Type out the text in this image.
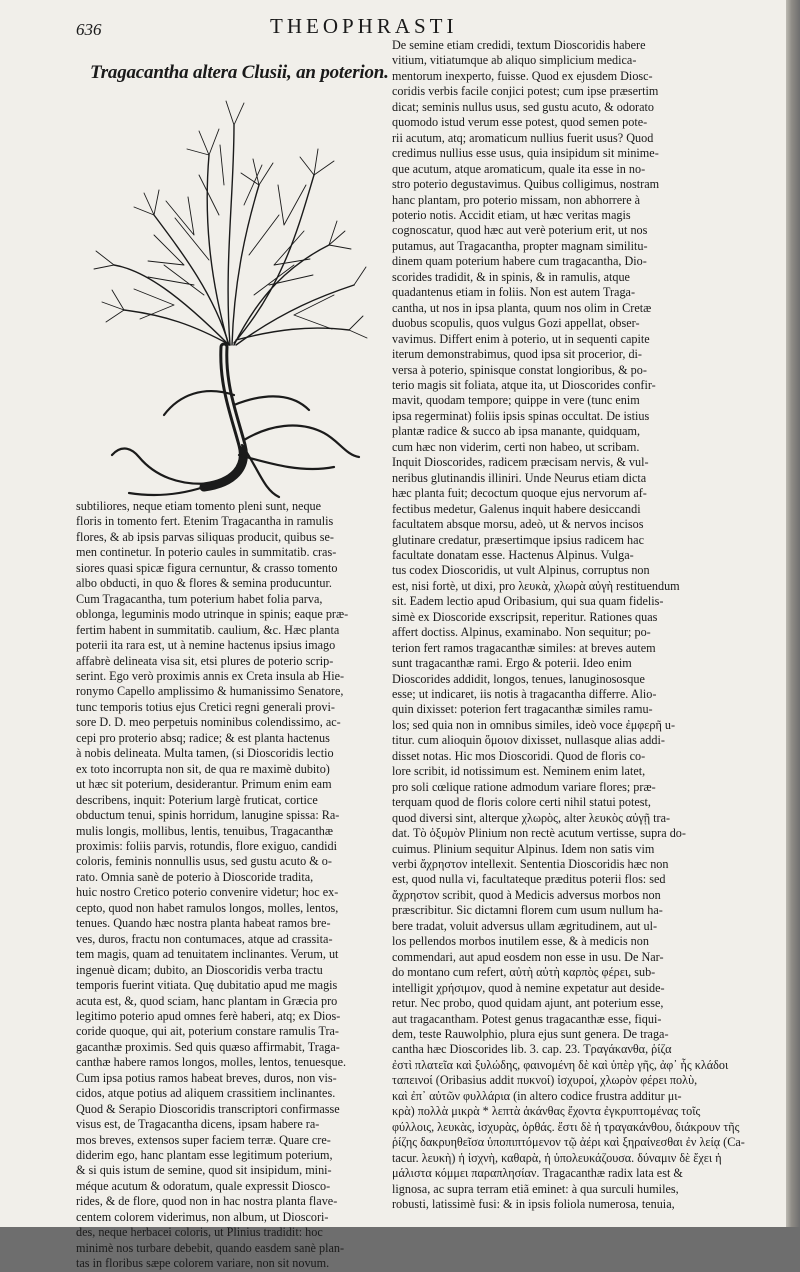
636	THEOPHRASTI
Tragacantha altera Clusii, an poterion.
De semine etiam credidi, textum Dioscoridis habere
vitium, vitiatumque ab aliquo simplicium medica-
mentorum inexperto, fuisse. Quod ex ejusdem Diosc-
coridis verbis facile conjici potest; cum ipse præsertim
dicat; seminis nullus usus, sed gustu acuto, & odorato
quomodo istud verum esse potest, quod semen pote-
rii acutum, atq; aromaticum nullius fuerit usus? Quod
credimus nullius esse usus, quia insipidum sit minime-
que acutum, atque aromaticum, quale ita esse in no-
stro poterio degustavimus. Quibus colligimus, nostram
hanc plantam, pro poterio missam, non abhorrere à
poterio notis. Accidit etiam, ut hæc veritas magis
cognoscatur, quod hæc aut verè poterium erit, ut nos
putamus, aut Tragacantha, propter magnam similitu-
dinem quam poterium habere cum tragacantha, Dio-
scorides tradidit, & in spinis, & in ramulis, atque
quadantenus etiam in foliis. Non est autem Traga-
cantha, ut nos in ipsa planta, quum nos olim in Cretæ
duobus scopulis, quos vulgus Gozi appellat, obser-
vavimus. Differt enim à poterio, ut in sequenti capite
iterum demonstrabimus, quod ipsa sit procerior, di-
versa à poterio, spinisque constat longioribus, & po-
terio magis sit foliata, atque ita, ut Dioscorides confir-
mavit, quodam tempore; quippe in vere (tunc enim
ipsa regerminat) foliis ipsis spinas occultat. De istius
plantæ radice & succo ab ipsa manante, quidquam,
cum hæc non viderim, certi non habeo, ut scribam.
Inquit Dioscorides, radicem præcisam nervis, & vul-
neribus glutinandis illiniri. Unde Neurus etiam dicta
hæc planta fuit; decoctum quoque ejus nervorum af-
fectibus medetur, Galenus inquit habere desiccandi
facultatem absque morsu, adeò, ut & nervos incisos
glutinare credatur, præsertimque ipsius radicem hac
facultate donatam esse. Hactenus Alpinus. Vulga-
tus codex Dioscoridis, ut vult Alpinus, corruptus non
est, nisi fortè, ut dixi, pro λευκὰ, χλωρὰ αὐγὴ restituendum
sit. Eadem lectio apud Oribasium, qui sua quam fidelis-
simè ex Dioscoride exscripsit, reperitur. Rationes quas
affert doctiss. Alpinus, examinabo. Non sequitur; po-
terion fert ramos tragacanthæ similes: at breves autem
sunt tragacanthæ rami. Ergo & poterii. Ideo enim
Dioscorides addidit, longos, tenues, lanuginososque
esse; ut indicaret, iis notis à tragacantha differre. Alio-
quin dixisset: poterion fert tragacanthæ similes ramu-
los; sed quia non in omnibus similes, ideò voce ἐμφερῆ u-
titur. cum alioquin ὅμοιον dixisset, nullasque alias addi-
disset notas. Hic mos Dioscoridi. Quod de floris co-
lore scribit, id notissimum est. Neminem enim latet,
pro soli cœlique ratione admodum variare flores; præ-
terquam quod de floris colore certi nihil statui potest,
quod diversi sint, alterque χλωρὸς, alter λευκὸς αὐγῇ tra-
dat. Τὸ ὀξυμὸν Plinium non rectè acutum vertisse, supra do-
cuimus. Plinium sequitur Alpinus. Idem non satis vim
verbi ἄχρηστον intellexit. Sententia Dioscoridis hæc non
est, quod nulla vi, facultateque præditus poterii flos: sed
ἄχρηστον scribit, quod à Medicis adversus morbos non
præscribitur. Sic dictamni florem cum usum nullum ha-
bere tradat, voluit adversus ullam ægritudinem, aut ul-
los pellendos morbos inutilem esse, & à medicis non
commendari, aut apud eosdem non esse in usu. De Nar-
do montano cum refert, αὐτὴ αὐτὴ καρπὸς φέρει, sub-
intelligit χρήσιμον, quod à nemine expetatur aut deside-
retur. Nec probo, quod quidam ajunt, ant poterium esse,
aut tragacantham. Potest genus tragacanthæ esse, fiqui-
dem, teste Rauwolphio, plura ejus sunt genera. De traga-
cantha hæc Dioscorides lib. 3. cap. 23. Τραγάκανθα, ῥίζα
ἐστὶ πλατεῖα καὶ ξυλώδης, φαινομένη δὲ καὶ ὑπὲρ γῆς, ἀφ᾽ ἧς κλάδοι
ταπεινοί (Oribasius addit πυκνοί) ἰσχυροί, χλωρὸν φέρει πολὺ,
καὶ ἐπ᾽ αὐτῶν φυλλάρια (in altero codice frustra additur μι-
κρὰ) πολλὰ μικρὰ * λεπτὰ ἀκάνθας ἔχοντα ἐγκρυπτομένας τοῖς
φύλλοις, λευκὰς, ἰσχυρὰς, ὀρθάς. ἔστι δὲ ἡ τραγακάνθου, διάκρουν τῆς
ῥίζης δακρυηθεῖσα ὑποπιπτόμενον τῷ ἀέρι καὶ ξηραίνεσθαι ἐν λείᾳ (Ca-
tacur. λευκὴ) ἡ ἰσχνὴ, καθαρὰ, ἡ ὑπολευκάζουσα. δύναμιν δὲ ἔχει ἡ
μάλιστα κόμμει παραπλησίαν. Tragacanthæ radix lata est &
lignosa, ac supra terram etiã eminet: à qua surculi humiles,
robusti, latissimè fusi: & in ipsis foliola numerosa, tenuia,
subtiliores, neque etiam tomento pleni sunt, neque
floris in tomento fert. Etenim Tragacantha in ramulis
flores, & ab ipsis parvas siliquas producit, quibus se-
men continetur. In poterio caules in summitatib. cras-
siores quasi spicæ figura cernuntur, & crasso tomento
albo obducti, in quo & flores & semina producuntur.
Cum Tragacantha, tum poterium habet folia parva,
oblonga, leguminis modo utrinque in spinis; eaque præ-
fertim habent in summitatib. caulium, &c. Hæc planta
poterii ita rara est, ut à nemine hactenus ipsius imago
affabrè delineata visa sit, etsi plures de poterio scrip-
serint. Ego verò proximis annis ex Creta insula ab Hie-
ronymo Capello amplissimo & humanissimo Senatore,
tunc temporis totius ejus Cretici regni generali provi-
sore D. D. meo perpetuis nominibus colendissimo, ac-
cepi pro proterio absq; radice; & est planta hactenus
à nobis delineata. Multa tamen, (si Dioscoridis lectio
ex toto incorrupta non sit, de qua re maximè dubito)
ut hæc sit poterium, desiderantur. Primum enim eam
describens, inquit: Poterium largè fruticat, cortice
obductum tenui, spinis horridum, lanugine spissa: Ra-
mulis longis, mollibus, lentis, tenuibus, Tragacanthæ
proximis: foliis parvis, rotundis, flore exiguo, candidi
coloris, feminis nonnullis usus, sed gustu acuto & o-
rato. Omnia sanè de poterio à Dioscoride tradita,
huic nostro Cretico poterio convenire videtur; hoc ex-
cepto, quod non habet ramulos longos, molles, lentos,
tenues. Quando hæc nostra planta habeat ramos bre-
ves, duros, fractu non contumaces, atque ad crassita-
tem magis, quam ad tenuitatem inclinantes. Verum, ut
ingenuè dicam; dubito, an Dioscoridis verba tractu
temporis fuerint vitiata. Quę dubitatio apud me magis
acuta est, &, quod sciam, hanc plantam in Græcia pro
legitimo poterio apud omnes ferè haberi, atq; ex Dios-
coride quoque, qui ait, poterium constare ramulis Tra-
gacanthæ proximis. Sed quis quæso affirmabit, Traga-
canthæ habere ramos longos, molles, lentos, tenuesque.
Cum ipsa potius ramos habeat breves, duros, non vis-
cidos, atque potius ad aliquem crassitiem inclinantes.
Quod & Serapio Dioscoridis transcriptori confirmasse
visus est, de Tragacantha dicens, ipsam habere ra-
mos breves, extensos super faciem terræ. Quare cre-
diderim ego, hanc plantam esse legitimum poterium,
& si quis istum de semine, quod sit insipidum, mini-
méque acutum & odoratum, quale expressit Diosco-
rides, & de flore, quod non in hac nostra planta flave-
centem colorem viderimus, non album, ut Dioscori-
des, neque herbacei coloris, ut Plinius tradidit: hoc
minimè nos turbare debebit, quando easdem sanè plan-
tas in floribus sæpe colorem variare, non sit novum.
